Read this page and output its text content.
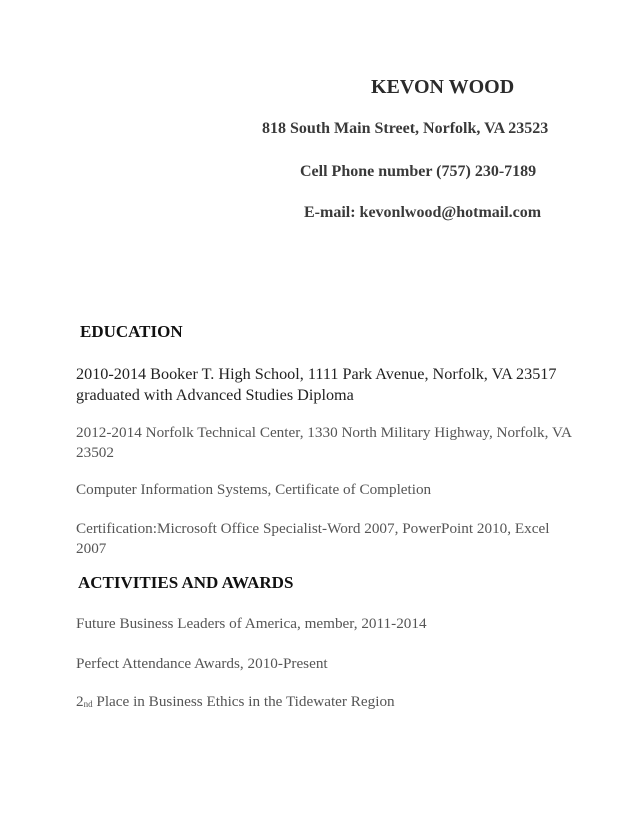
KEVON WOOD
818 South Main Street, Norfolk, VA 23523
Cell Phone number (757) 230-7189
E-mail: kevonlwood@hotmail.com
EDUCATION
2010-2014 Booker T. High School, 1111 Park Avenue, Norfolk, VA 23517 graduated with Advanced Studies Diploma
2012-2014 Norfolk Technical Center, 1330 North Military Highway, Norfolk, VA 23502
Computer Information Systems, Certificate of Completion
Certification:Microsoft Office Specialist-Word 2007, PowerPoint 2010, Excel 2007
ACTIVITIES AND AWARDS
Future Business Leaders of America, member, 2011-2014
Perfect Attendance Awards, 2010-Present
2nd Place in Business Ethics in the Tidewater Region
